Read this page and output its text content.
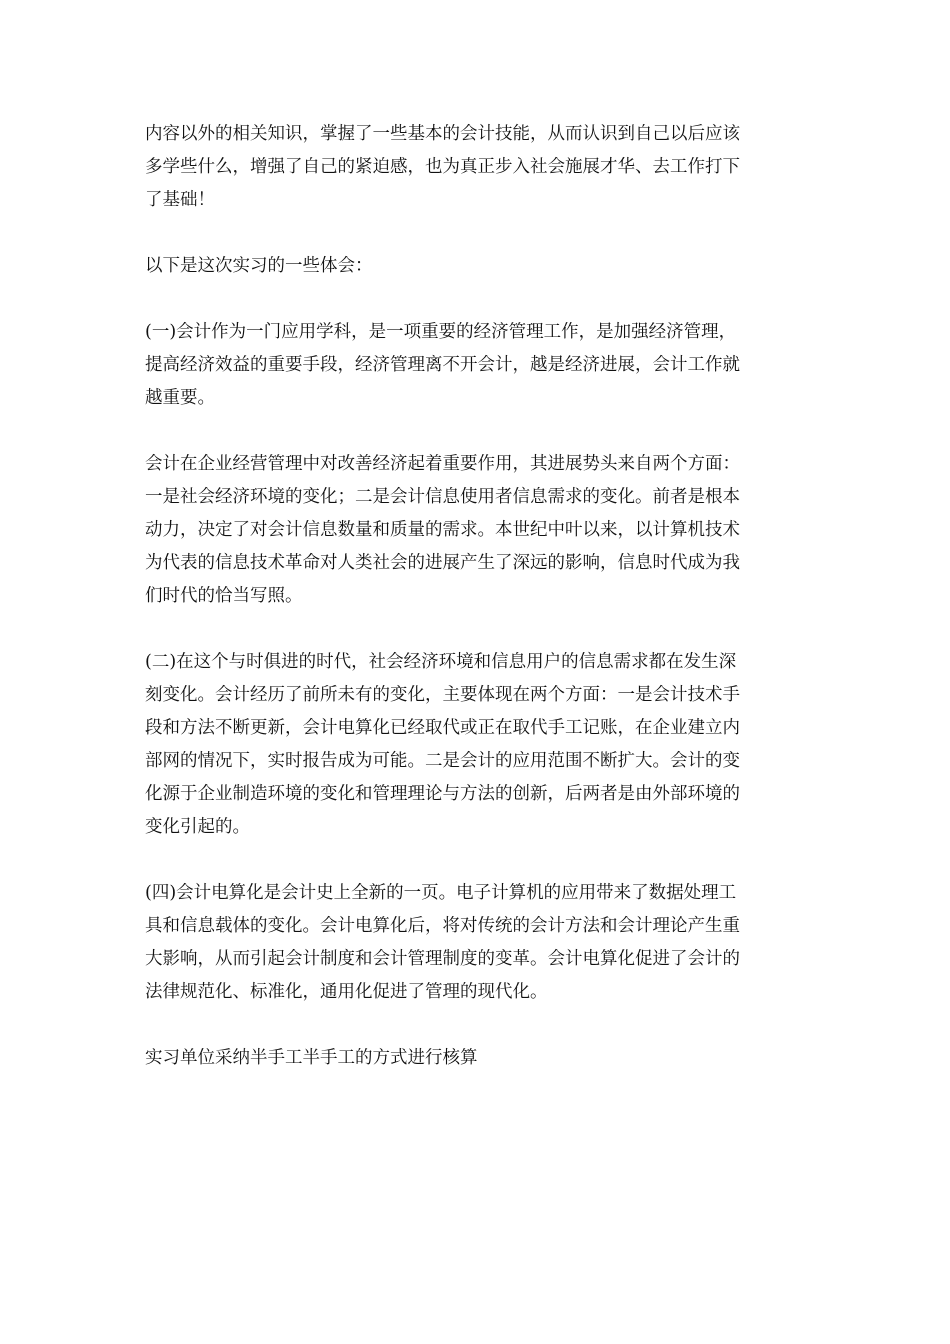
内容以外的相关知识，掌握了一些基本的会计技能，从而认识到自己以后应该
多学些什么，增强了自己的紧迫感，也为真正步入社会施展才华、去工作打下
了基础！

以下是这次实习的一些体会：

(一)会计作为一门应用学科，是一项重要的经济管理工作，是加强经济管理，
提高经济效益的重要手段，经济管理离不开会计，越是经济进展，会计工作就
越重要。

会计在企业经营管理中对改善经济起着重要作用，其进展势头来自两个方面：
一是社会经济环境的变化；二是会计信息使用者信息需求的变化。前者是根本
动力，决定了对会计信息数量和质量的需求。本世纪中叶以来，以计算机技术
为代表的信息技术革命对人类社会的进展产生了深远的影响，信息时代成为我
们时代的恰当写照。

(二)在这个与时俱进的时代，社会经济环境和信息用户的信息需求都在发生深
刻变化。会计经历了前所未有的变化，主要体现在两个方面：一是会计技术手
段和方法不断更新，会计电算化已经取代或正在取代手工记账，在企业建立内
部网的情况下，实时报告成为可能。二是会计的应用范围不断扩大。会计的变
化源于企业制造环境的变化和管理理论与方法的创新，后两者是由外部环境的
变化引起的。

(四)会计电算化是会计史上全新的一页。电子计算机的应用带来了数据处理工
具和信息载体的变化。会计电算化后，将对传统的会计方法和会计理论产生重
大影响，从而引起会计制度和会计管理制度的变革。会计电算化促进了会计的
法律规范化、标准化，通用化促进了管理的现代化。

实习单位采纳半手工半手工的方式进行核算
